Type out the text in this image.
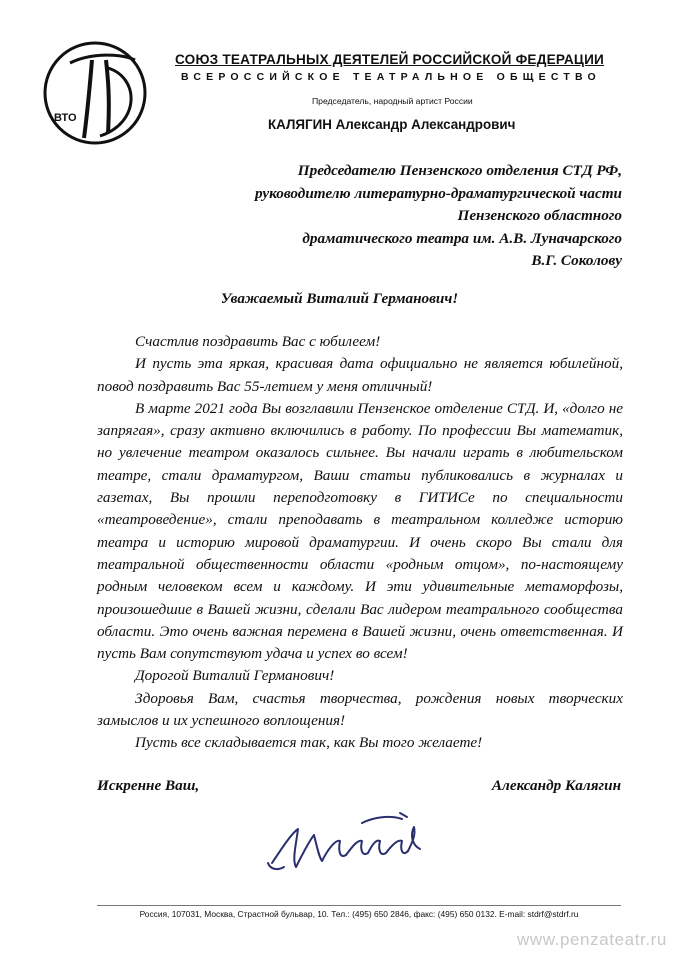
ВТО
СОЮЗ ТЕАТРАЛЬНЫХ ДЕЯТЕЛЕЙ РОССИЙСКОЙ ФЕДЕРАЦИИ
ВСЕРОССИЙСКОЕ ТЕАТРАЛЬНОЕ ОБЩЕСТВО
Председатель, народный артист России
КАЛЯГИН Александр Александрович
Председателю Пензенского отделения СТД РФ,
руководителю литературно-драматургической части
Пензенского областного
драматического театра им. А.В. Луначарского
В.Г. Соколову
Уважаемый Виталий Германович!

Счастлив поздравить Вас с юбилеем!

И пусть эта яркая, красивая дата официально не является юбилейной, повод поздравить Вас 55-летием у меня отличный!

В марте 2021 года Вы возглавили Пензенское отделение СТД. И, «долго не запрягая», сразу активно включились в работу. По профессии Вы математик, но увлечение театром оказалось сильнее. Вы начали играть в любительском театре, стали драматургом, Ваши статьи публиковались в журналах и газетах, Вы прошли переподготовку в ГИТИСе по специальности «театроведение», стали преподавать в театральном колледже историю театра и историю мировой драматургии. И очень скоро Вы стали для театральной общественности области «родным отцом», по-настоящему родным человеком всем и каждому. И эти удивительные метаморфозы, произошедшие в Вашей жизни, сделали Вас лидером театрального сообщества области. Это очень важная перемена в Вашей жизни, очень ответственная. И пусть Вам сопутствуют удача и успех во всем!

Дорогой Виталий Германович!

Здоровья Вам, счастья творчества, рождения новых творческих замыслов и их успешного воплощения!

Пусть все складывается так, как Вы того желаете!

Искренне Ваш,	Александр Калягин
Россия, 107031, Москва, Страстной бульвар, 10. Тел.: (495) 650 2846, факс: (495) 650 0132. E-mail: stdrf@stdrf.ru
www.penzateatr.ru
